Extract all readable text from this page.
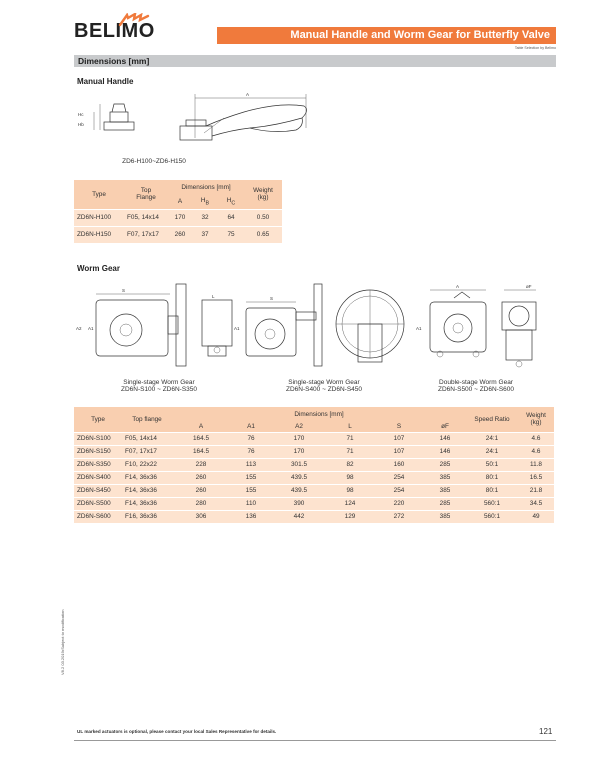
BELIMO	Manual Handle and Worm Gear for Butterfly Valve
Table Selection by Belimo
Dimensions [mm]
Manual Handle
Hb
Hc
A
ZD6-H100~ZD6-H150
Type	Top
Flange	Dimensions [mm]			Weight
(kg)
		A	$H_B$	$H_C$
ZD6N-H100	F05, 14x14	170	32	64	0.50
ZD6N-H150	F07, 17x17	260	37	75	0.65
Worm Gear
S
A2 A1
L	S
A1
A
A1
øF
Single-stage Worm Gear
ZD6N-S100 ~ ZD6N-S350
Single-stage Worm Gear
ZD6N-S400 ~ ZD6N-S450
Double-stage Worm Gear
ZD6N-S500 ~ ZD6N-S600
Type	Top flange	Dimensions [mm]						Speed Ratio	Weight
(kg)
		A	A1	A2	L	S	øF		
ZD6N-S100	F05, 14x14	164.5	76	170	71	107	146	24:1	4.6
ZD6N-S150	F07, 17x17	164.5	76	170	71	107	146	24:1	4.6
ZD6N-S350	F10, 22x22	228	113	301.5	82	160	285	50:1	11.8
ZD6N-S400	F14, 36x36	260	155	439.5	98	254	385	80:1	16.5
ZD6N-S450	F14, 36x36	260	155	439.5	98	254	385	80:1	21.8
ZD6N-S500	F14, 36x36	280	110	390	124	220	285	560:1	34.5
ZD6N-S600	F16, 36x36	306	136	442	129	272	385	560:1	49
V8.2 03.2019•Subject to modification
UL marked actuators is optional, please contact your local Sales Representative for details.	121
